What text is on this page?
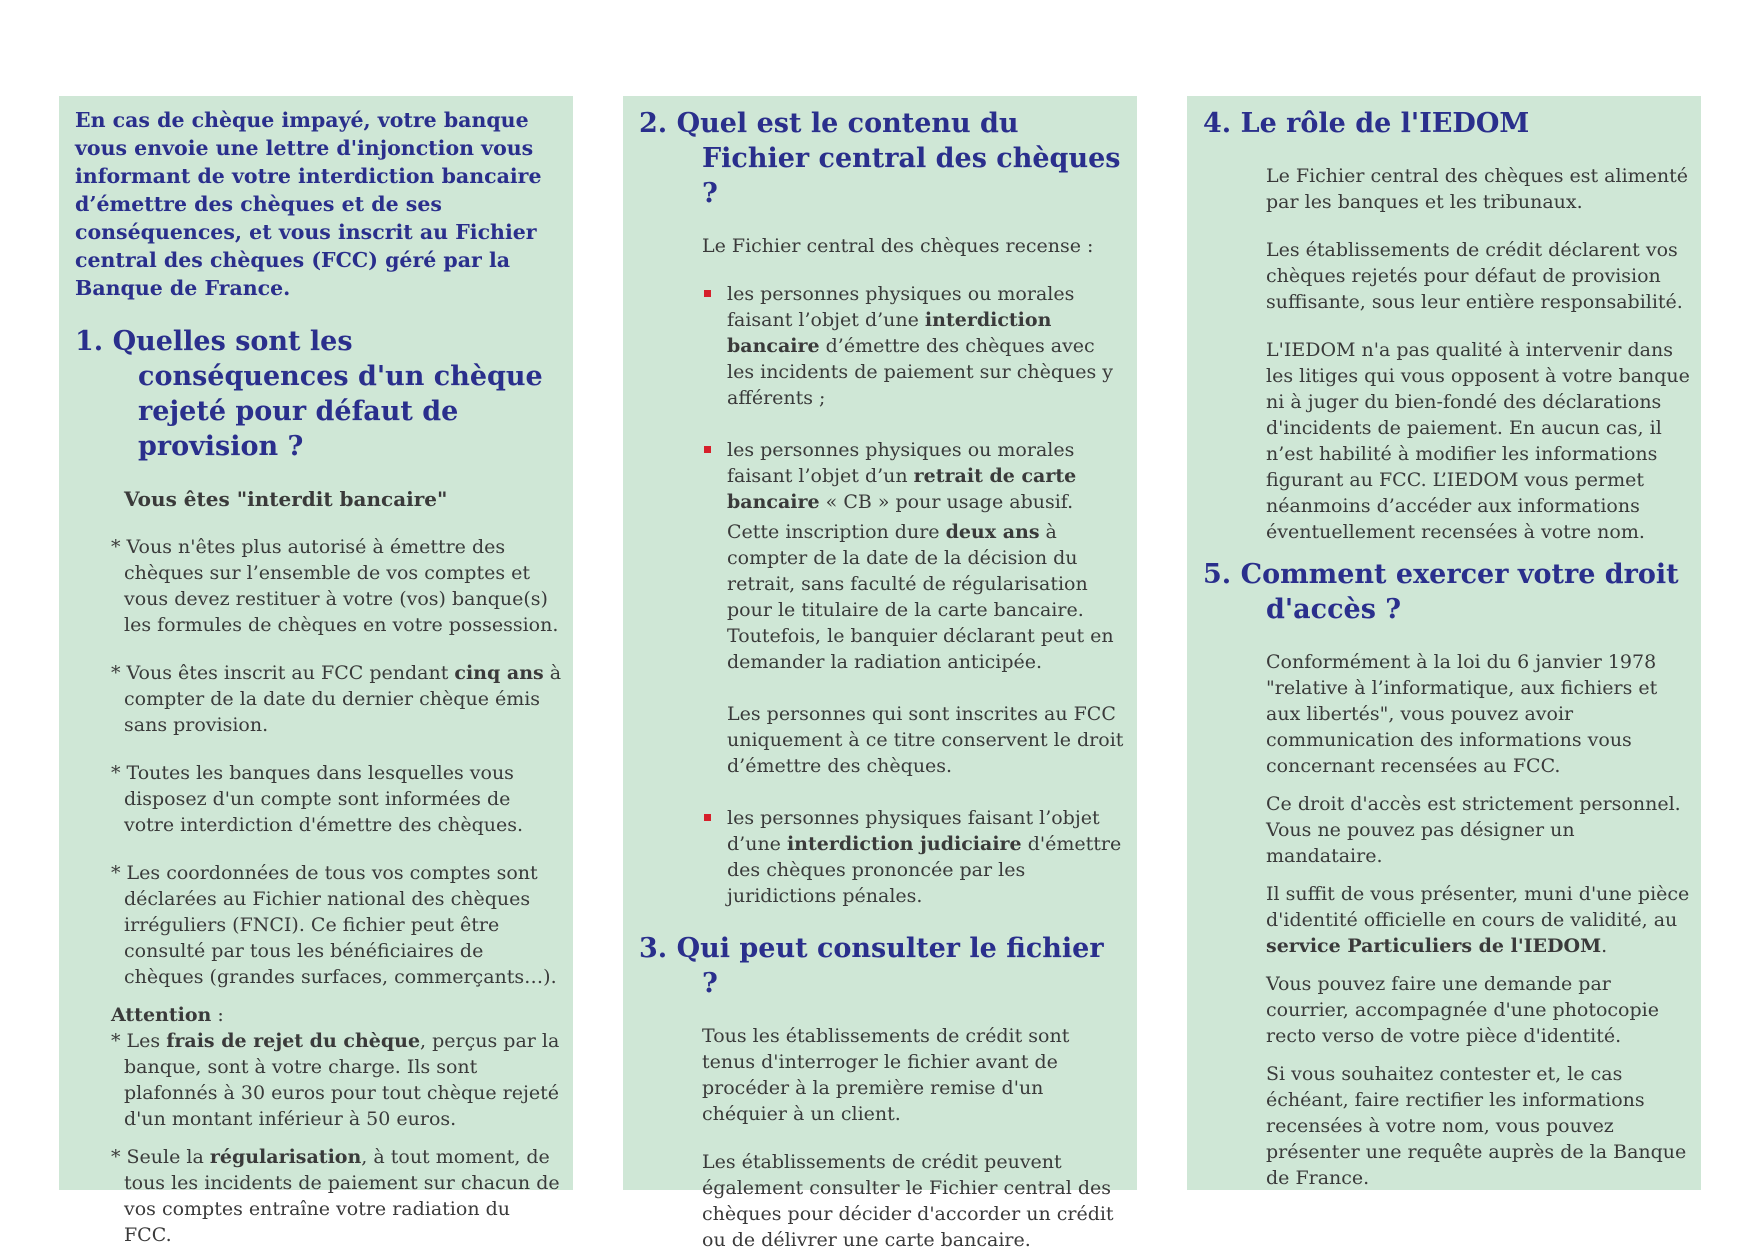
En cas de chèque impayé, votre banque vous envoie une lettre d'injonction vous informant de votre interdiction bancaire d’émettre des chèques et de ses conséquences, et vous inscrit au Fichier central des chèques (FCC) géré par la Banque de France.

1. Quelles sont les conséquences d'un chèque rejeté pour défaut de provision ?

Vous êtes "interdit bancaire"

* Vous n'êtes plus autorisé à émettre des chèques sur l’ensemble de vos comptes et vous devez restituer à votre (vos) banque(s) les formules de chèques en votre possession.

* Vous êtes inscrit au FCC pendant cinq ans à compter de la date du dernier chèque émis sans provision.

* Toutes les banques dans lesquelles vous disposez d'un compte sont informées de votre interdiction d'émettre des chèques.

* Les coordonnées de tous vos comptes sont déclarées au Fichier national des chèques irréguliers (FNCI). Ce fichier peut être consulté par tous les bénéficiaires de chèques (grandes surfaces, commerçants…).

Attention :

* Les frais de rejet du chèque, perçus par la banque, sont à votre charge. Ils sont plafonnés à 30 euros pour tout chèque rejeté d'un montant inférieur à 50 euros.

* Seule la régularisation, à tout moment, de tous les incidents de paiement sur chacun de vos comptes entraîne votre radiation du FCC.

2. Quel est le contenu du Fichier central des chèques ?

Le Fichier central des chèques recense :

les personnes physiques ou morales faisant l’objet d’une interdiction bancaire d’émettre des chèques avec les incidents de paiement sur chèques y afférents ;
les personnes physiques ou morales faisant l’objet d’un retrait de carte bancaire « CB » pour usage abusif.

Cette inscription dure deux ans à compter de la date de la décision du retrait, sans faculté de régularisation pour le titulaire de la carte bancaire. Toutefois, le banquier déclarant peut en demander la radiation anticipée.

Les personnes qui sont inscrites au FCC uniquement à ce titre conservent le droit d’émettre des chèques.

les personnes physiques faisant l’objet d’une interdiction judiciaire d'émettre des chèques prononcée par les juridictions pénales.
3. Qui peut consulter le fichier ?

Tous les établissements de crédit sont tenus d'interroger le fichier avant de procéder à la première remise d'un chéquier à un client.

Les établissements de crédit peuvent également consulter le Fichier central des chèques pour décider d'accorder un crédit ou de délivrer une carte bancaire.

4. Le rôle de l'IEDOM

Le Fichier central des chèques est alimenté par les banques et les tribunaux.

Les établissements de crédit déclarent vos chèques rejetés pour défaut de provision suffisante, sous leur entière responsabilité.

L'IEDOM n'a pas qualité à intervenir dans les litiges qui vous opposent à votre banque ni à juger du bien-fondé des déclarations d'incidents de paiement. En aucun cas, il n’est habilité à modifier les informations figurant au FCC. L’IEDOM vous permet néanmoins d’accéder aux informations éventuellement recensées à votre nom.

5. Comment exercer votre droit d'accès ?

Conformément à la loi du 6 janvier 1978 "relative à l’informatique, aux fichiers et aux libertés", vous pouvez avoir communication des informations vous concernant recensées au FCC.

Ce droit d'accès est strictement personnel. Vous ne pouvez pas désigner un mandataire.

Il suffit de vous présenter, muni d'une pièce d'identité officielle en cours de validité, au service Particuliers de l'IEDOM.

Vous pouvez faire une demande par courrier, accompagnée d'une photocopie recto verso de votre pièce d'identité.

Si vous souhaitez contester et, le cas échéant, faire rectifier les informations recensées à votre nom, vous pouvez présenter une requête auprès de la Banque de France.
